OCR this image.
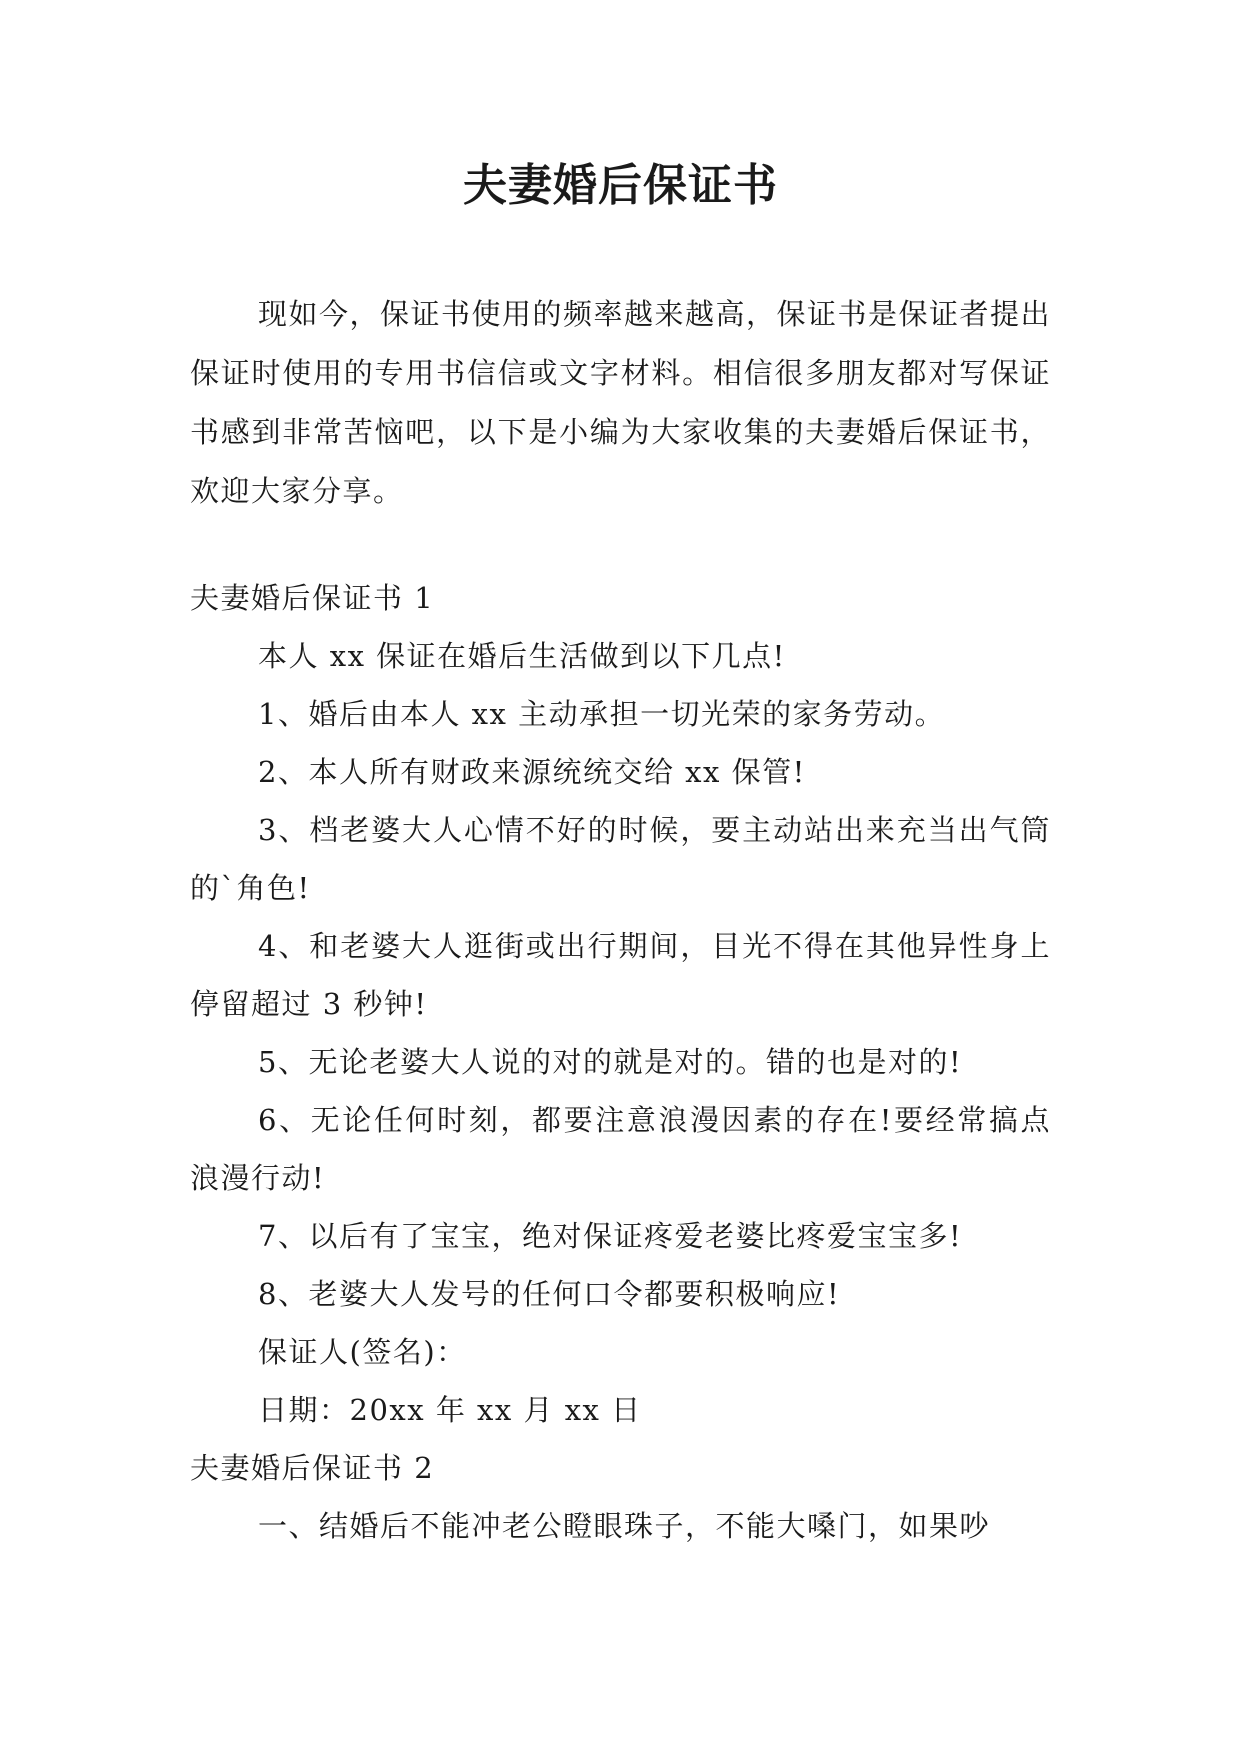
夫妻婚后保证书

现如今，保证书使用的频率越来越高，保证书是保证者提出保证时使用的专用书信信或文字材料。相信很多朋友都对写保证书感到非常苦恼吧，以下是小编为大家收集的夫妻婚后保证书，欢迎大家分享。

夫妻婚后保证书 1

本人 xx 保证在婚后生活做到以下几点!

1、婚后由本人 xx 主动承担一切光荣的家务劳动。

2、本人所有财政来源统统交给 xx 保管!

3、档老婆大人心情不好的时候，要主动站出来充当出气筒的`角色!

4、和老婆大人逛街或出行期间，目光不得在其他异性身上停留超过 3 秒钟!

5、无论老婆大人说的对的就是对的。错的也是对的!

6、无论任何时刻，都要注意浪漫因素的存在!要经常搞点浪漫行动!

7、以后有了宝宝，绝对保证疼爱老婆比疼爱宝宝多!

8、老婆大人发号的任何口令都要积极响应!

保证人(签名)：

日期：20xx 年 xx 月 xx 日

夫妻婚后保证书 2

一、结婚后不能冲老公瞪眼珠子，不能大嗓门，如果吵
